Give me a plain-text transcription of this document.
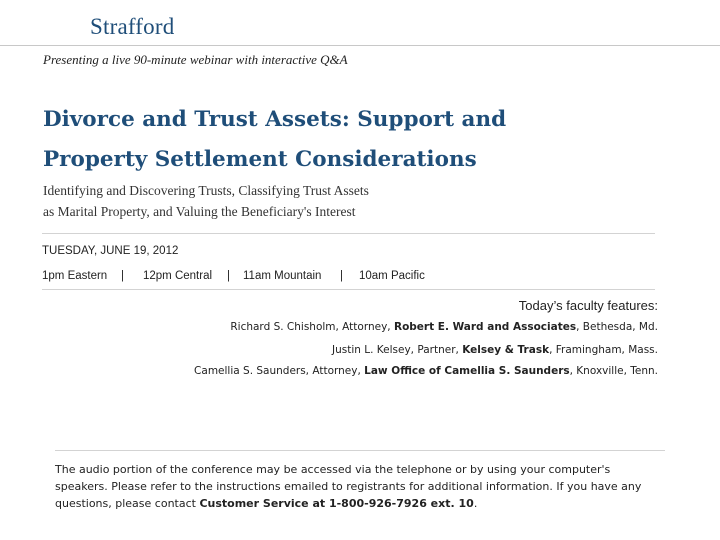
Strafford
Presenting a live 90-minute webinar with interactive Q&A
Divorce and Trust Assets: Support and
Property Settlement Considerations
Identifying and Discovering Trusts, Classifying Trust Assets
as Marital Property, and Valuing the Beneficiary's Interest
TUESDAY, JUNE 19, 2012
1pm Eastern | 12pm Central | 11am Mountain | 10am Pacific
Today’s faculty features:
Richard S. Chisholm, Attorney, Robert E. Ward and Associates, Bethesda, Md.
Justin L. Kelsey, Partner, Kelsey & Trask, Framingham, Mass.
Camellia S. Saunders, Attorney, Law Office of Camellia S. Saunders, Knoxville, Tenn.
The audio portion of the conference may be accessed via the telephone or by using your computer's speakers. Please refer to the instructions emailed to registrants for additional information. If you have any questions, please contact Customer Service at 1-800-926-7926 ext. 10.
